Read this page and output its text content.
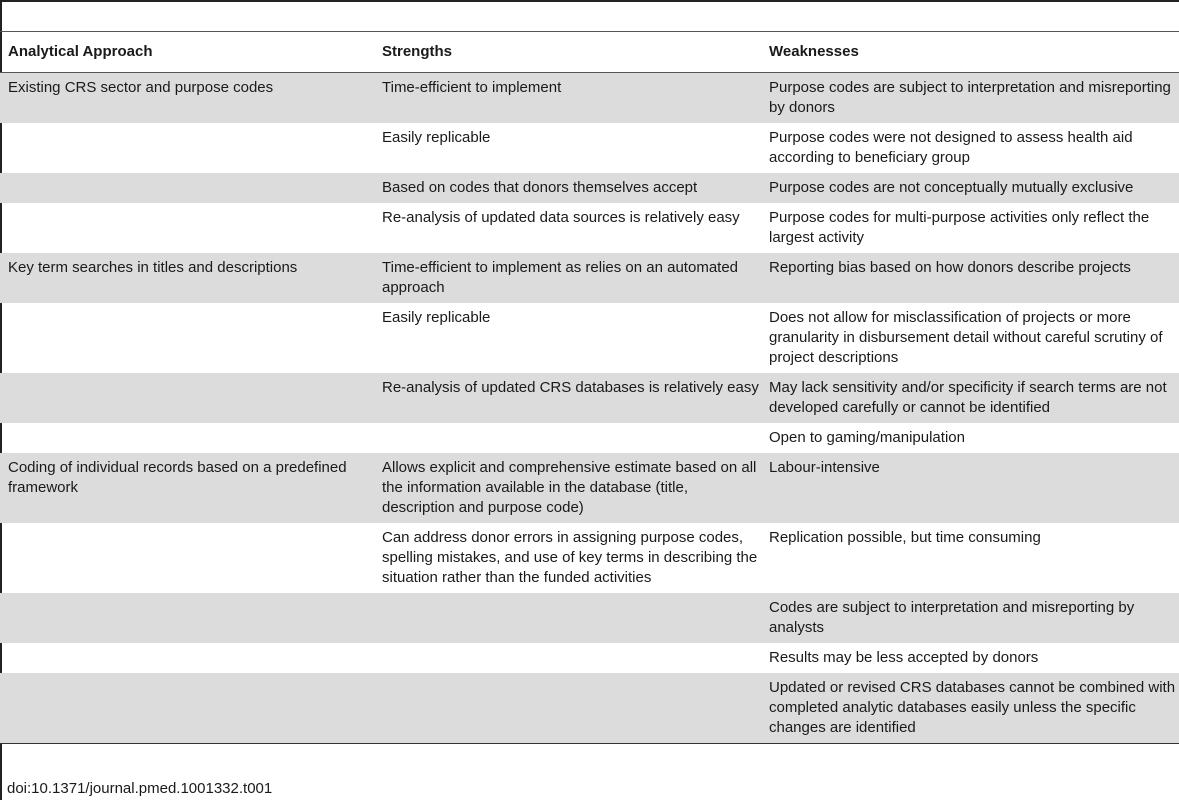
Analytical Approach	Strengths	Weaknesses
Existing CRS sector and purpose codes	Time-efficient to implement	Purpose codes are subject to interpretation and misreporting by donors
	Easily replicable	Purpose codes were not designed to assess health aid according to beneficiary group
	Based on codes that donors themselves accept	Purpose codes are not conceptually mutually exclusive
	Re-analysis of updated data sources is relatively easy	Purpose codes for multi-purpose activities only reflect the largest activity
Key term searches in titles and descriptions	Time-efficient to implement as relies on an automated approach	Reporting bias based on how donors describe projects
	Easily replicable	Does not allow for misclassification of projects or more granularity in disbursement detail without careful scrutiny of project descriptions
	Re-analysis of updated CRS databases is relatively easy	May lack sensitivity and/or specificity if search terms are not developed carefully or cannot be identified
		Open to gaming/manipulation
Coding of individual records based on a predefined framework	Allows explicit and comprehensive estimate based on all the information available in the database (title, description and purpose code)	Labour-intensive
	Can address donor errors in assigning purpose codes, spelling mistakes, and use of key terms in describing the situation rather than the funded activities	Replication possible, but time consuming
		Codes are subject to interpretation and misreporting by analysts
		Results may be less accepted by donors
		Updated or revised CRS databases cannot be combined with completed analytic databases easily unless the specific changes are identified
doi:10.1371/journal.pmed.1001332.t001
